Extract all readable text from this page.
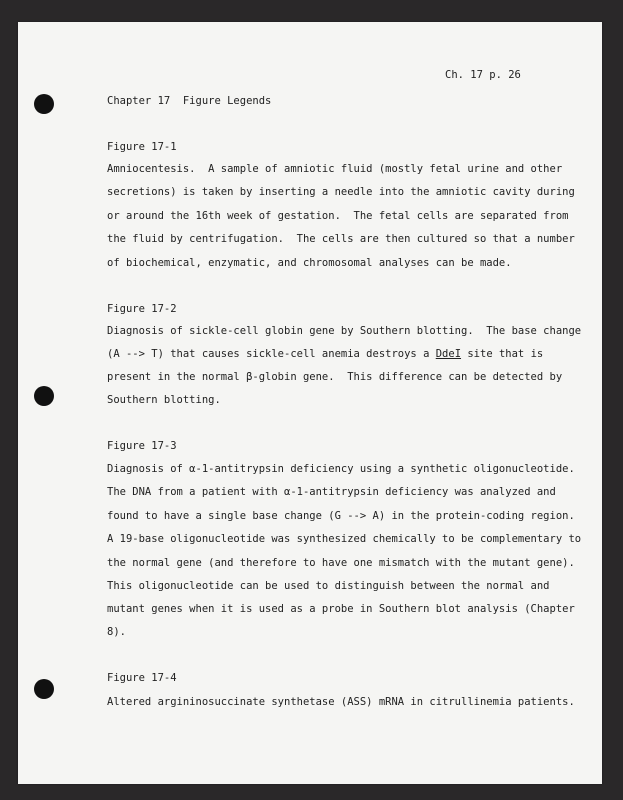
Ch. 17 p. 26
Chapter 17  Figure Legends
Figure 17-1
Amniocentesis.  A sample of amniotic fluid (mostly fetal urine and other
secretions) is taken by inserting a needle into the amniotic cavity during
or around the 16th week of gestation.  The fetal cells are separated from
the fluid by centrifugation.  The cells are then cultured so that a number
of biochemical, enzymatic, and chromosomal analyses can be made.
Figure 17-2
Diagnosis of sickle-cell globin gene by Southern blotting.  The base change
(A --> T) that causes sickle-cell anemia destroys a DdeI site that is
present in the normal β-globin gene.  This difference can be detected by
Southern blotting.
Figure 17-3
Diagnosis of α-1-antitrypsin deficiency using a synthetic oligonucleotide.
The DNA from a patient with α-1-antitrypsin deficiency was analyzed and
found to have a single base change (G --> A) in the protein-coding region.
A 19-base oligonucleotide was synthesized chemically to be complementary to
the normal gene (and therefore to have one mismatch with the mutant gene).
This oligonucleotide can be used to distinguish between the normal and
mutant genes when it is used as a probe in Southern blot analysis (Chapter
8).
Figure 17-4
Altered argininosuccinate synthetase (ASS) mRNA in citrullinemia patients.
